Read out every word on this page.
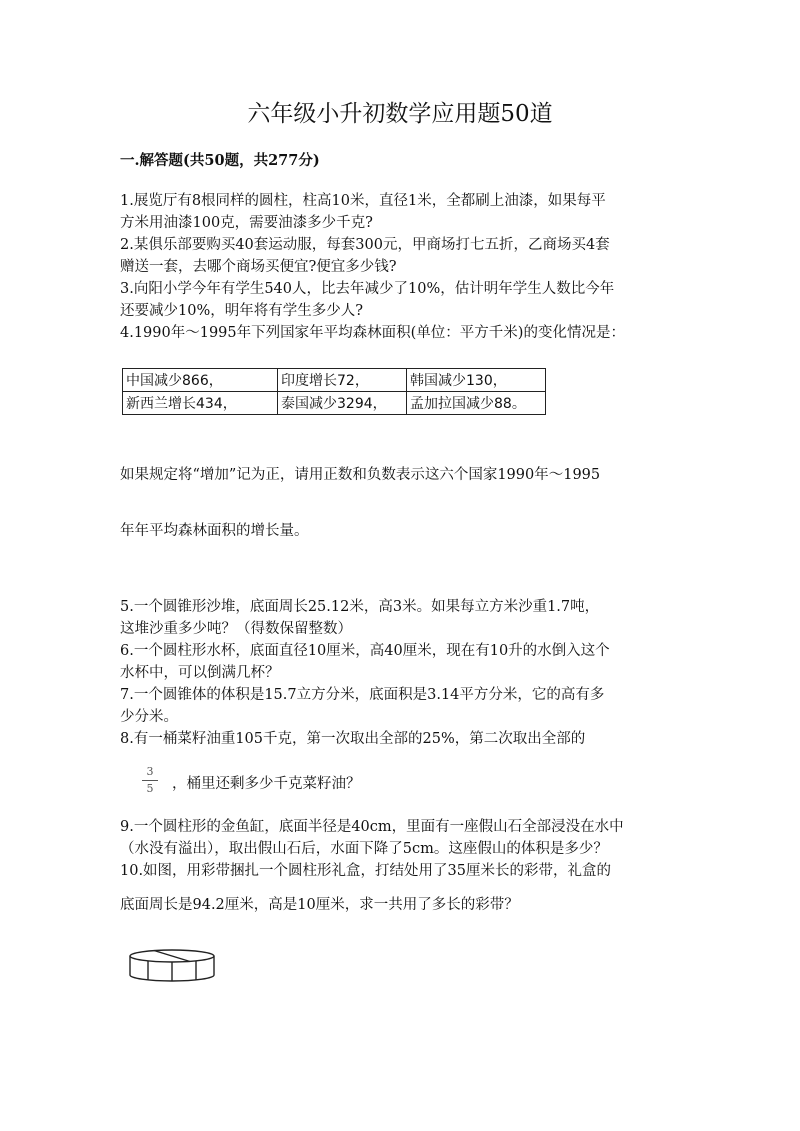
六年级小升初数学应用题50道
一.解答题(共50题，共277分)
1.展览厅有8根同样的圆柱，柱高10米，直径1米，全都刷上油漆，如果每平
方米用油漆100克，需要油漆多少千克?
2.某俱乐部要购买40套运动服，每套300元，甲商场打七五折，乙商场买4套
赠送一套，去哪个商场买便宜?便宜多少钱?
3.向阳小学今年有学生540人，比去年减少了10%，估计明年学生人数比今年
还要减少10%，明年将有学生多少人?
4.1990年～1995年下列国家年平均森林面积(单位：平方千米)的变化情况是：
中国减少866，	印度增长72，	韩国减少130，
新西兰增长434，	泰国减少3294，	孟加拉国减少88。
如果规定将“增加”记为正，请用正数和负数表示这六个国家1990年～1995
年年平均森林面积的增长量。
5.一个圆锥形沙堆，底面周长25.12米，高3米。如果每立方米沙重1.7吨，
这堆沙重多少吨？（得数保留整数）
6.一个圆柱形水杯，底面直径10厘米，高40厘米，现在有10升的水倒入这个
水杯中，可以倒满几杯？
7.一个圆锥体的体积是15.7立方分米，底面积是3.14平方分米，它的高有多
少分米。
8.有一桶菜籽油重105千克，第一次取出全部的25%，第二次取出全部的
3
5	，桶里还剩多少千克菜籽油？
9.一个圆柱形的金鱼缸，底面半径是40cm，里面有一座假山石全部浸没在水中
（水没有溢出），取出假山石后，水面下降了5cm。这座假山的体积是多少？
10.如图，用彩带捆扎一个圆柱形礼盒，打结处用了35厘米长的彩带，礼盒的
底面周长是94.2厘米，高是10厘米，求一共用了多长的彩带？
